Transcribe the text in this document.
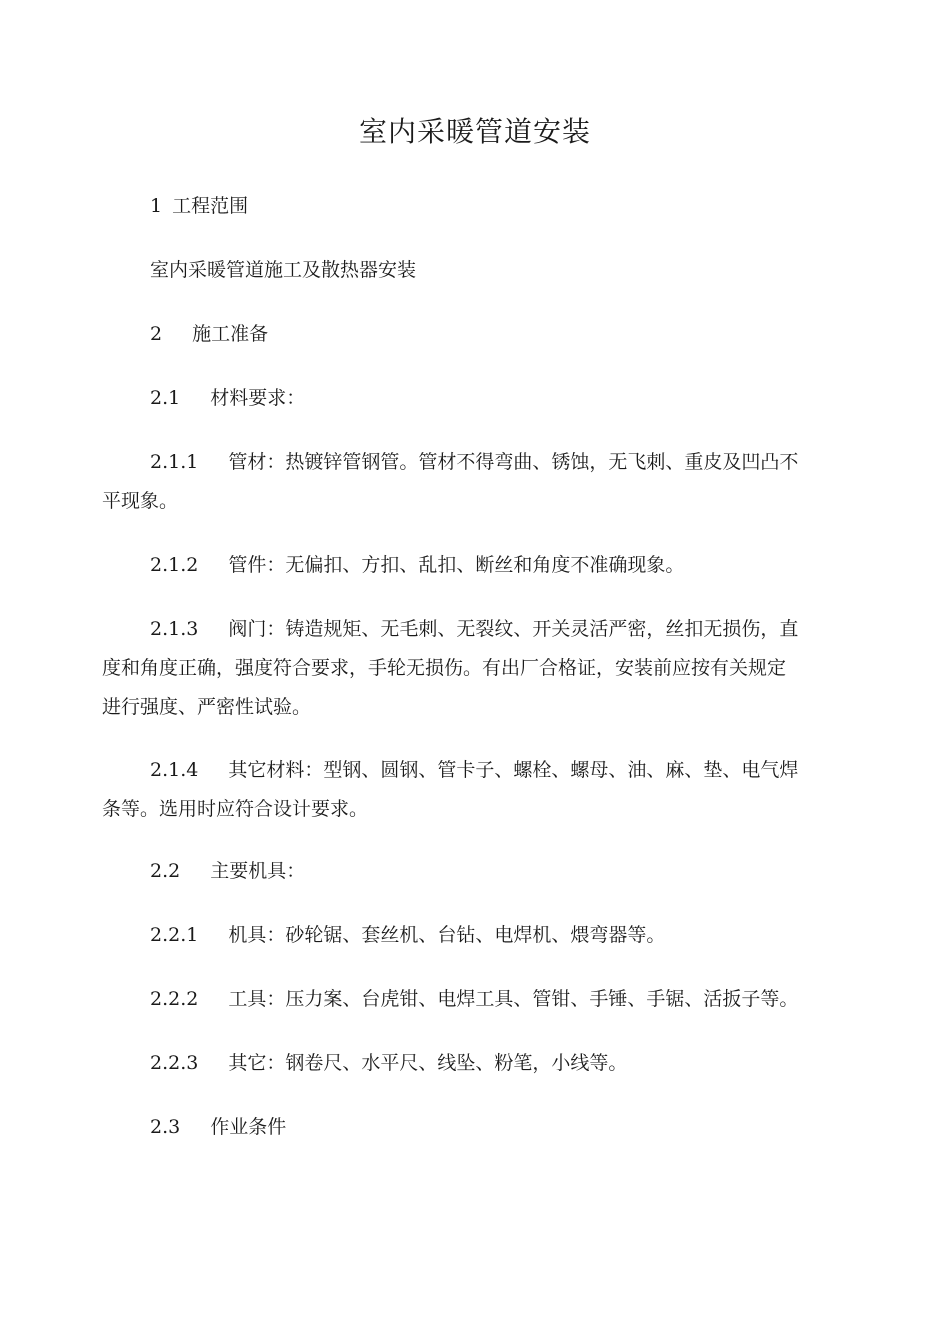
室内采暖管道安装
1 工程范围
室内采暖管道施工及散热器安装
2 施工准备
2.1 材料要求：
2.1.1 管材：热镀锌管钢管。管材不得弯曲、锈蚀，无飞刺、重皮及凹凸不
平现象。
2.1.2 管件：无偏扣、方扣、乱扣、断丝和角度不准确现象。
2.1.3 阀门：铸造规矩、无毛刺、无裂纹、开关灵活严密，丝扣无损伤，直
度和角度正确，强度符合要求，手轮无损伤。有出厂合格证，安装前应按有关规定
进行强度、严密性试验。
2.1.4 其它材料：型钢、圆钢、管卡子、螺栓、螺母、油、麻、垫、电气焊
条等。选用时应符合设计要求。
2.2 主要机具：
2.2.1 机具：砂轮锯、套丝机、台钻、电焊机、煨弯器等。
2.2.2 工具：压力案、台虎钳、电焊工具、管钳、手锤、手锯、活扳子等。
2.2.3 其它：钢卷尺、水平尺、线坠、粉笔，小线等。
2.3 作业条件
